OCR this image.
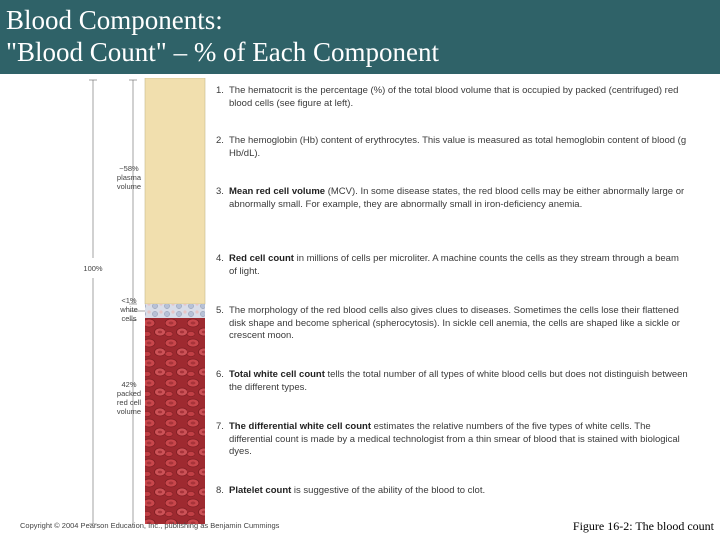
Blood Components:
"Blood Count" – % of Each Component
~58%
plasma
volume
100%
<1%
white
cells
42%
packed
red cell
volume
1. The hematocrit is the percentage (%) of the total blood volume that is occupied by packed (centrifuged) red blood cells (see figure at left).
2. The hemoglobin (Hb) content of erythrocytes. This value is measured as total hemoglobin content of blood (g Hb/dL).
3. Mean red cell volume (MCV). In some disease states, the red blood cells may be either abnormally large or abnormally small. For example, they are abnormally small in iron-deficiency anemia.
4. Red cell count in millions of cells per microliter. A machine counts the cells as they stream through a beam of light.
5. The morphology of the red blood cells also gives clues to diseases. Sometimes the cells lose their flattened disk shape and become spherical (spherocytosis). In sickle cell anemia, the cells are shaped like a sickle or crescent moon.
6. Total white cell count tells the total number of all types of white blood cells but does not distinguish between the different types.
7. The differential white cell count estimates the relative numbers of the five types of white cells. The differential count is made by a medical technologist from a thin smear of blood that is stained with biological dyes.
8. Platelet count is suggestive of the ability of the blood to clot.
Copyright © 2004 Pearson Education, Inc., publishing as Benjamin Cummings	Figure 16-2: The blood count
